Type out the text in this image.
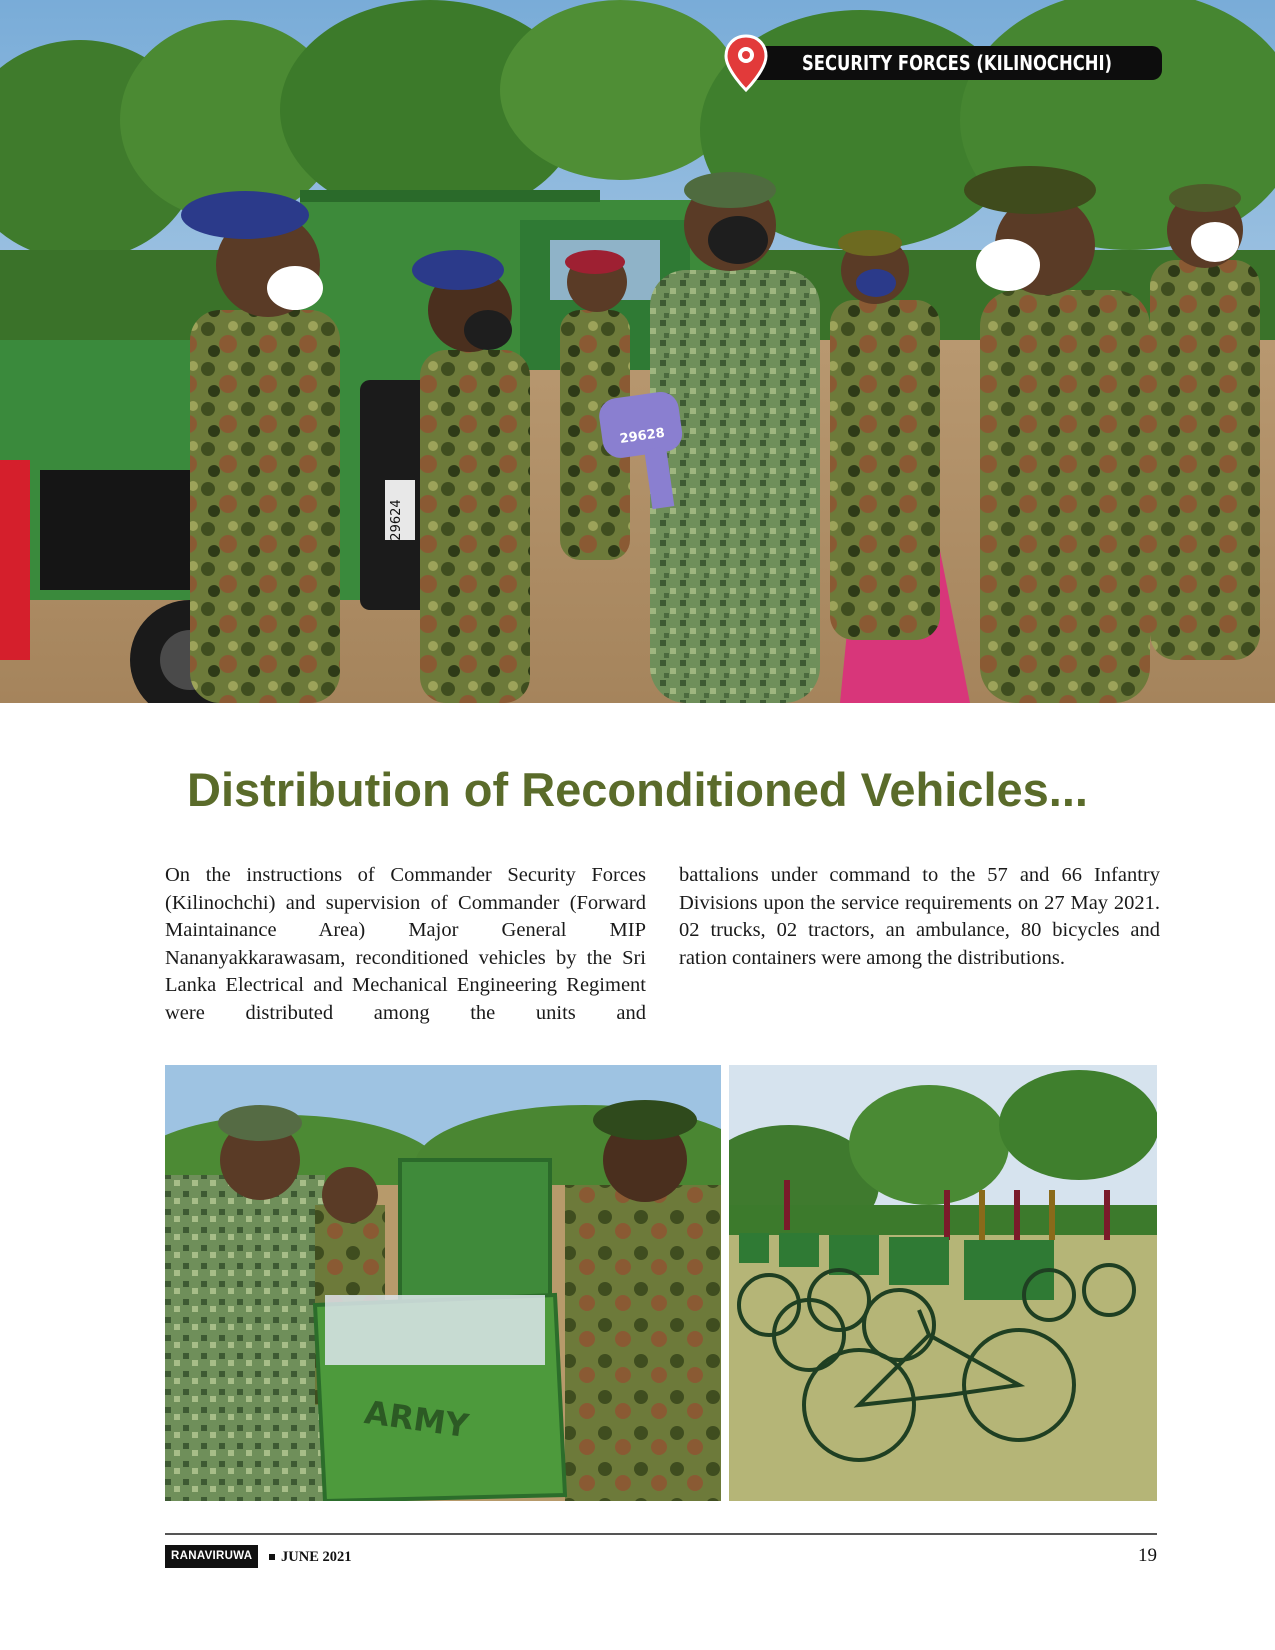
29624
29628
SECURITY FORCES (KILINOCHCHI)
Distribution of Reconditioned Vehicles...

On the instructions of Commander Security Forces (Kilinochchi) and supervision of Commander (Forward Maintainance Area) Major General MIP Nananyakkarawasam, reconditioned vehicles by the Sri Lanka Electrical and Mechanical Engineering Regiment were distributed among the units and

battalions under command to the 57 and 66 Infantry Divisions upon the service requirements on 27 May 2021. 02 trucks, 02 tractors, an ambulance, 80 bicycles and ration containers were among the distributions.

ARMY
RANAVIRUWA	JUNE 2021	19
